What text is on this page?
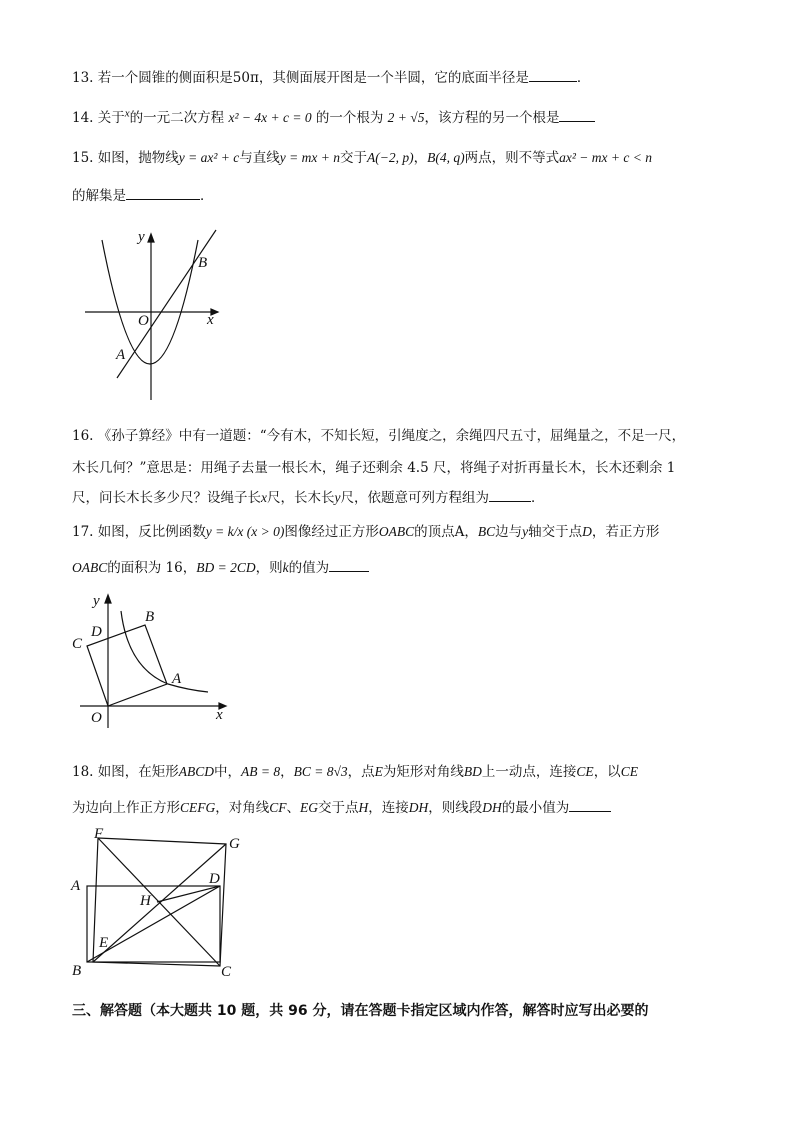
13. 若一个圆锥的侧面积是50π，其侧面展开图是一个半圆，它的底面半径是	．
14. 关于$^x$的一元二次方程 x² − 4x + c = 0 的一个根为 2 + √5，该方程的另一个根是
15. 如图，抛物线y = ax² + c与直线y = mx + n交于A(−2, p)，B(4, q)两点，则不等式ax² − mx + c < n
的解集是	．
y
x
O
A
B
16. 《孙子算经》中有一道题：“今有木，不知长短，引绳度之，余绳四尺五寸，屈绳量之，不足一尺，
木长几何？”意思是：用绳子去量一根长木，绳子还剩余 4.5 尺，将绳子对折再量长木，长木还剩余 1
尺，问长木长多少尺？设绳子长x尺，长木长y尺，依题意可列方程组为	．
17. 如图，反比例函数y = k/x (x > 0)图像经过正方形OABC的顶点A，BC边与y轴交于点D，若正方形
OABC的面积为 16，BD = 2CD，则k的值为
y
x
O
A
B
C
D
18. 如图，在矩形ABCD中，AB = 8，BC = 8√3，点E为矩形对角线BD上一动点，连接CE，以CE
为边向上作正方形CEFG，对角线CF、EG交于点H，连接DH，则线段DH的最小值为
F
G
A	D
H
E
B	C
三、解答题（本大题共 10 题，共 96 分，请在答题卡指定区域内作答，解答时应写出必要的
